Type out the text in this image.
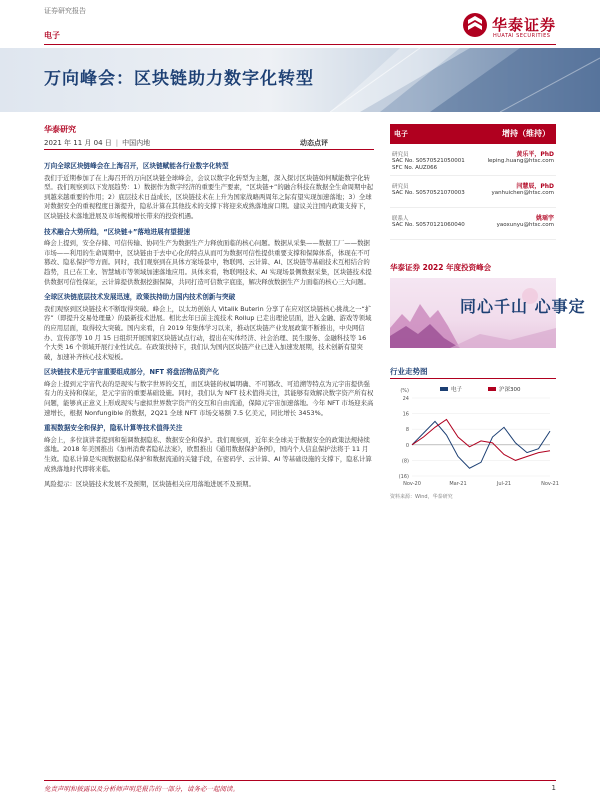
证券研究报告
电子
华泰证券
HUATAI SECURITIES
万向峰会：区块链助力数字化转型
华泰研究
2021 年 11 月 04 日 | 中国内地	动态点评
万向全球区块链峰会在上海召开，区块链赋能各行业数字化转型
我们于近期参加了在上海召开的万向区块链全球峰会，会议以数字化转型为主题，深入探讨区块链如何赋能数字化转型。我们观察到以下发展趋势：1）数据作为数字经济的重要生产要素，“区块链+”的融合科技在数据全生命周期中起到越来越重要的作用；2）底层技术日益成长，区块链技术在上升为国家战略两周年之际有望实现加速落地；3）全球对数据安全的重视程度日渐提升，隐私计算在其他技术的支撑下将迎来成熟落地窗口期。建议关注国内政策支持下，区块链技术落地进展及市场规模增长带来的投资机遇。
技术融合大势所趋，“区块链+”落地进展有望提速
峰会上提到，安全存储、可信传输、协同生产为数据生产力释放面临的核心问题。数据从采集——数据工厂——数据市场——利用的生命周期中，区块链由于去中心化的特点从而可为数据可信性提供重要支撑和保障体系，体现在不可篡改、隐私保护等方面。同时，我们观察到在具体方案场景中，物联网、云计算、AI、区块链等基础技术互相结合的趋势，且已在工业、智慧城市等领域加速落地应用。具体来看，物联网技术、AI 实现场景侧数据采集，区块链技术提供数据可信性保证，云计算提供数据挖掘保障，共同打造可信数字底座，解决释放数据生产力面临的核心三大问题。
全球区块链底层技术发展迅速，政策扶持助力国内技术创新与突破
我们观察到区块链技术不断取得突破。峰会上，以太坊创始人 Vitalik Buterin 分享了在应对区块链核心挑战之一“扩容”（即提升交易处理量）的最新技术进展。相比去年日前主流技术 Rollup 已走出理论层面，进入金融、游戏等领域的应用层面，取得较大突破。国内来看，自 2019 年集体学习以来，推动区块链产业发展政策不断推出，中央网信办、宣传部等 10 月 15 日组织开展国家区块链试点行动，提出在实体经济、社会治理、民生服务、金融科技等 16 个大类 16 个领域开展行业性试点。在政策扶持下，我们认为国内区块链产业已进入加速发展期，技术创新有望突破，加速补齐核心技术短板。
区块链技术是元宇宙重要组成部分，NFT 将盘活物品资产化
峰会上提到元宇宙代表的是现实与数字世界的交互，而区块链的权属明确、不可篡改、可追溯等特点为元宇宙提供强有力的支持和保证，是元宇宙的重要基础设施。同时，我们认为 NFT 技术值得关注，其能够有效解决数字资产所有权问题，能够真正意义上形成现实与虚拟世界数字资产的交互和自由流通，保障元宇宙加速落地。今年 NFT 市场迎来高速增长，根据 Nonfungible 的数据，2Q21 全球 NFT 市场交易额 7.5 亿美元，同比增长 3453%。
重视数据安全和保护，隐私计算等技术值得关注
峰会上，多位演讲者提到和强调数据隐私、数据安全和保护。我们观察到，近年来全球关于数据安全的政策法规持续落地。2018 年美国推出《加州消费者隐私法案》，欧盟推出《通用数据保护条例》，国内个人信息保护法将于 11 月生效。隐私计算是实现数据隐私保护和数据流通的关键手段，在密码学、云计算、AI 等基础设施的支撑下，隐私计算成熟落地时代即将来临。
风险提示：区块链技术发展不及预期，区块链相关应用落地进展不及预期。
电子	增持（维持）
研究员
SAC No. S0570521050001
SFC No. AUZ066
黄乐平，PhD
leping.huang@htsc.com
研究员
SAC No. S0570521070003
闫慧辰，PhD
yanhuichen@htsc.com
联系人
SAC No. S0570121060040
姚瑶宇
yaoxunyu@htsc.com
华泰证券 2022 年度投资峰会
同心千山 心事定
行业走势图
(16)
(8)
0
8
16
24
(%)
Nov-20	Mar-21	Jul-21	Nov-21
电子	沪深300
资料来源：Wind，华泰研究
免责声明和披露以及分析师声明是报告的一部分，请务必一起阅读。	1
